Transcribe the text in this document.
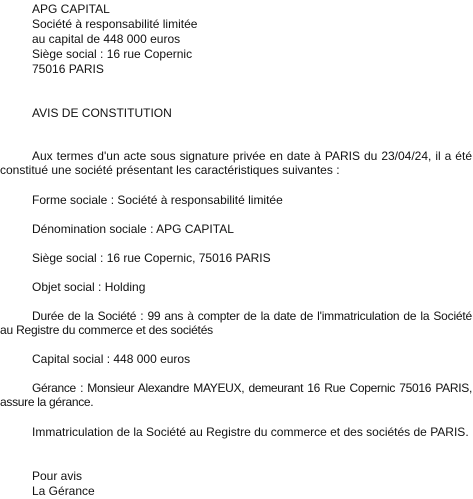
APG CAPITAL
Société à responsabilité limitée
au capital de 448 000 euros
Siège social : 16 rue Copernic
75016 PARIS
AVIS DE CONSTITUTION
Aux termes d'un acte sous signature privée en date à PARIS du 23/04/24, il a été constitué une société présentant les caractéristiques suivantes :
Forme sociale : Société à responsabilité limitée
Dénomination sociale : APG CAPITAL
Siège social : 16 rue Copernic, 75016 PARIS
Objet social : Holding
Durée de la Société : 99 ans à compter de la date de l'immatriculation de la Société au Registre du commerce et des sociétés
Capital social : 448 000 euros
Gérance : Monsieur Alexandre MAYEUX, demeurant 16 Rue Copernic 75016 PARIS, assure la gérance.
Immatriculation de la Société au Registre du commerce et des sociétés de PARIS.
Pour avis
La Gérance
